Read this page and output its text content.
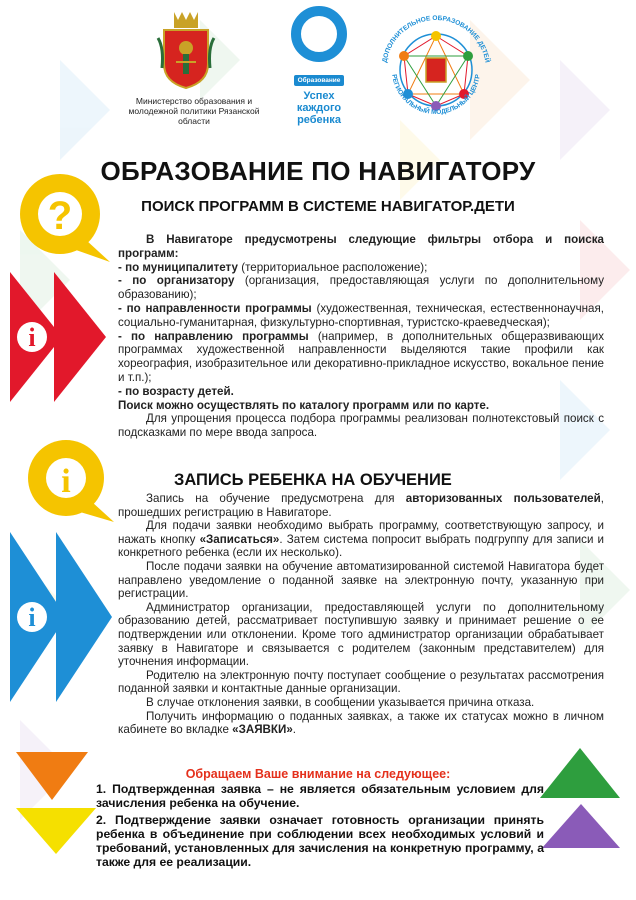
Министерство образования и молодежной политики Рязанской области
Образование
Успех
каждого
ребенка
ДОПОЛНИТЕЛЬНОЕ ОБРАЗОВАНИЕ ДЕТЕЙ
РЕГИОНАЛЬНЫЙ МОДЕЛЬНЫЙ ЦЕНТР
ОБРАЗОВАНИЕ ПО НАВИГАТОРУ
ПОИСК ПРОГРАММ В СИСТЕМЕ НАВИГАТОР.ДЕТИ
?
i
i
i

В Навигаторе предусмотрены следующие фильтры отбора и поиска программ:

- по муниципалитету (территориальное расположение);

- по организатору (организация, предоставляющая услуги по дополнительному образованию);

- по направленности программы (художественная, техническая, естественнонаучная, социально-гуманитарная, физкультурно-спортивная, туристско-краеведческая);

- по направлению программы (например, в дополнительных общеразвивающих программах художественной направленности выделяются такие профили как хореография, изобразительное или декоративно-прикладное искусство, вокальное пение и т.п.);

- по возрасту детей.

Поиск можно осуществлять по каталогу программ или по карте.

Для упрощения процесса подбора программы реализован полнотекстовый поиск с подсказками по мере ввода запроса.

ЗАПИСЬ РЕБЕНКА НА ОБУЧЕНИЕ

Запись на обучение предусмотрена для авторизованных пользователей, прошедших регистрацию в Навигаторе.

Для подачи заявки необходимо выбрать программу, соответствующую запросу, и нажать кнопку «Записаться». Затем система попросит выбрать подгруппу для записи и конкретного ребенка (если их несколько).

После подачи заявки на обучение автоматизированной системой Навигатора будет направлено уведомление о поданной заявке на электронную почту, указанную при регистрации.

Администратор организации, предоставляющей услуги по дополнительному образованию детей, рассматривает поступившую заявку и принимает решение о ее подтверждении или отклонении. Кроме того администратор организации обрабатывает заявку в Навигаторе и связывается с родителем (законным представителем) для уточнения информации.

Родителю на электронную почту поступает сообщение о результатах рассмотрения поданной заявки и контактные данные организации.

В случае отклонения заявки, в сообщении указывается причина отказа.

Получить информацию о поданных заявках, а также их статусах можно в личном кабинете во вкладке «ЗАЯВКИ».

Обращаем Ваше внимание на следующее:

1. Подтвержденная заявка – не является обязательным условием для зачисления ребенка на обучение.

2. Подтверждение заявки означает готовность организации принять ребенка в объединение при соблюдении всех необходимых условий и требований, установленных для зачисления на конкретную программу, а также для ее реализации.
